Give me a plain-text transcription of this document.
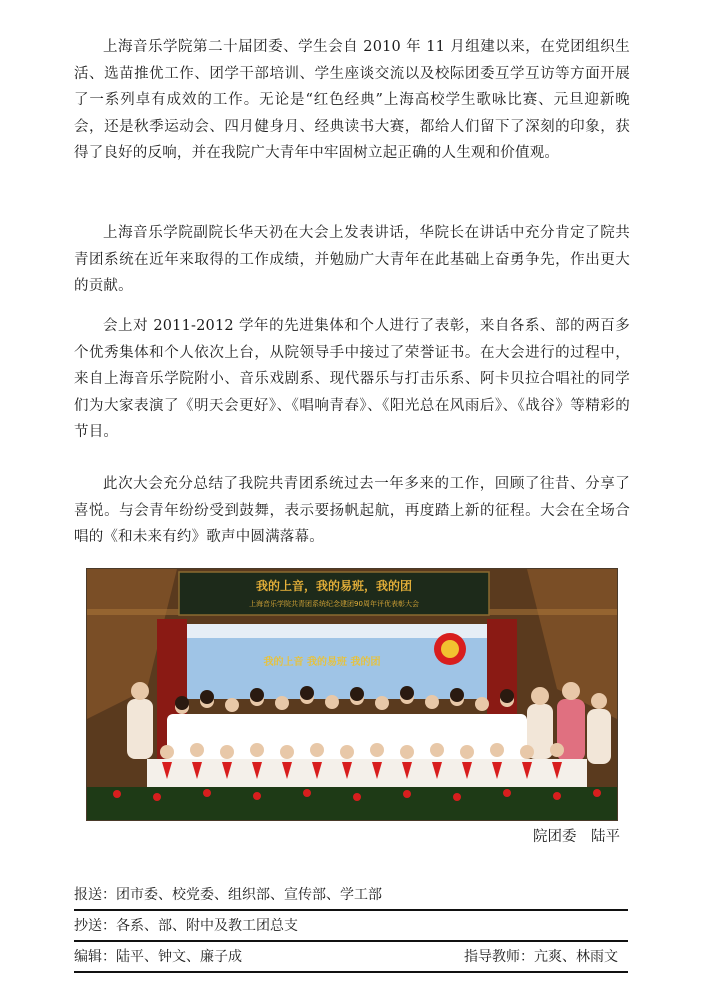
上海音乐学院第二十届团委、学生会自 2010 年 11 月组建以来，在党团组织生活、选苗推优工作、团学干部培训、学生座谈交流以及校际团委互学互访等方面开展了一系列卓有成效的工作。无论是“红色经典”上海高校学生歌咏比赛、元旦迎新晚会，还是秋季运动会、四月健身月、经典读书大赛，都给人们留下了深刻的印象，获得了良好的反响，并在我院广大青年中牢固树立起正确的人生观和价值观。

上海音乐学院副院长华天礽在大会上发表讲话，华院长在讲话中充分肯定了院共青团系统在近年来取得的工作成绩，并勉励广大青年在此基础上奋勇争先，作出更大的贡献。

会上对 2011-2012 学年的先进集体和个人进行了表彰，来自各系、部的两百多个优秀集体和个人依次上台，从院领导手中接过了荣誉证书。在大会进行的过程中，来自上海音乐学院附小、音乐戏剧系、现代器乐与打击乐系、阿卡贝拉合唱社的同学们为大家表演了《明天会更好》、《唱响青春》、《阳光总在风雨后》、《战谷》等精彩的节目。

此次大会充分总结了我院共青团系统过去一年多来的工作，回顾了往昔、分享了喜悦。与会青年纷纷受到鼓舞，表示要扬帆起航，再度踏上新的征程。大会在全场合唱的《和未来有约》歌声中圆满落幕。

我的上音，我的易班，我的团
上海音乐学院共青团系统纪念建团90周年评优表彰大会
我的上音 我的易班 我的团
院团委　陆平
报送：团市委、校党委、组织部、宣传部、学工部
抄送：各系、部、附中及教工团总支
编辑：陆平、钟文、廉子成	指导教师：亢爽、林雨文
